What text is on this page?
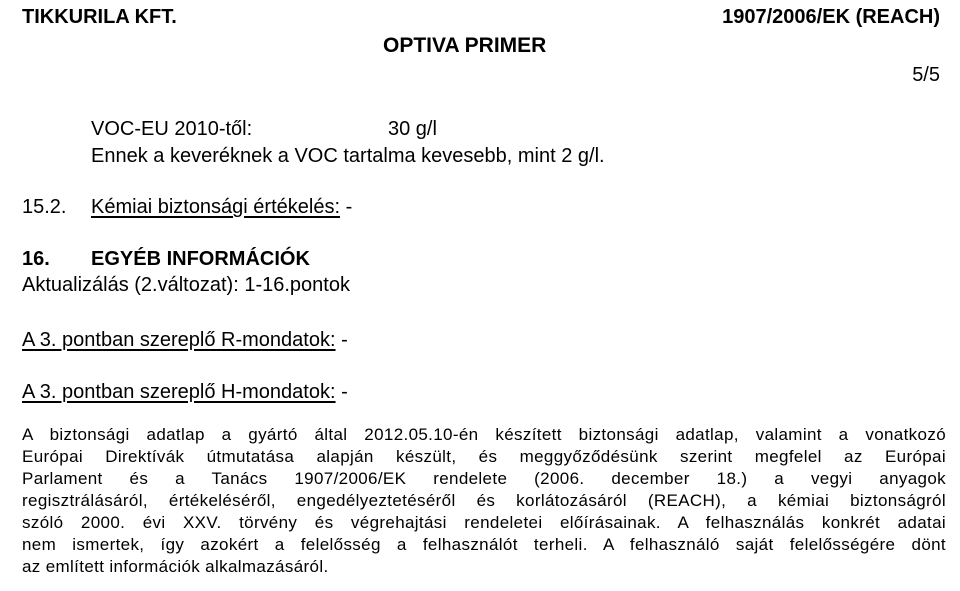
TIKKURILA KFT.	1907/2006/EK (REACH)
OPTIVA PRIMER
5/5
VOC-EU 2010-től:	30 g/l
Ennek a keveréknek a VOC tartalma kevesebb, mint 2 g/l.
15.2. Kémiai biztonsági értékelés: -
16. EGYÉB INFORMÁCIÓK
Aktualizálás (2.változat): 1-16.pontok
A 3. pontban szereplő R-mondatok: -
A 3. pontban szereplő H-mondatok: -
A biztonsági adatlap a gyártó által 2012.05.10-én készített biztonsági adatlap, valamint a vonatkozó
Európai Direktívák útmutatása alapján készült, és meggyőződésünk szerint megfelel az Európai
Parlament és a Tanács 1907/2006/EK rendelete (2006. december 18.) a vegyi anyagok
regisztrálásáról, értékeléséről, engedélyeztetéséről és korlátozásáról (REACH), a kémiai biztonságról
szóló 2000. évi XXV. törvény és végrehajtási rendeletei előírásainak. A felhasználás konkrét adatai
nem ismertek, így azokért a felelősség a felhasználót terheli. A felhasználó saját felelősségére dönt
az említett információk alkalmazásáról.
